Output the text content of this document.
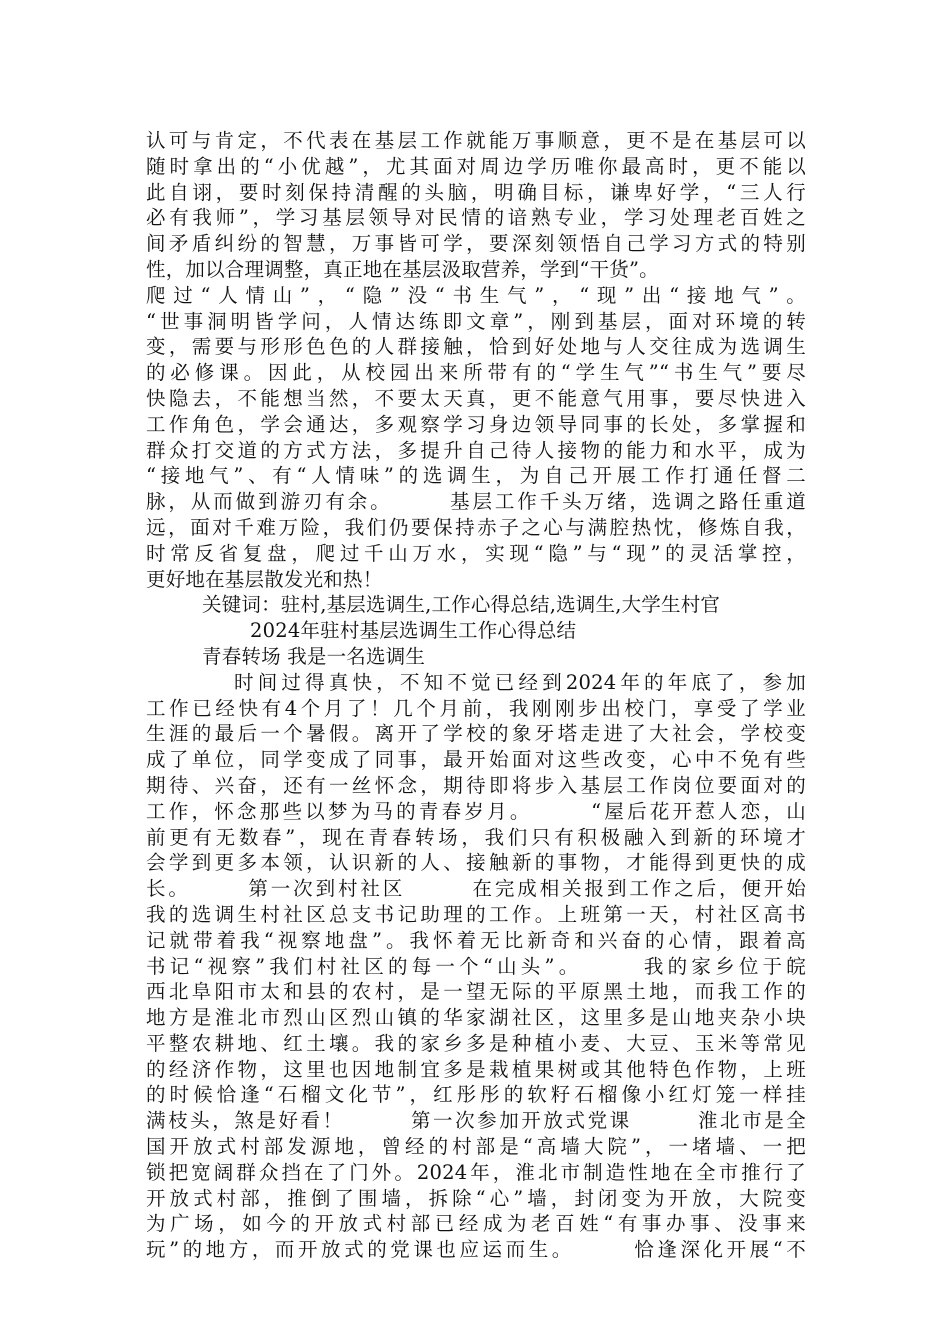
认可与肯定，不代表在基层工作就能万事顺意，更不是在基层可以
随时拿出的“小优越”，尤其面对周边学历唯你最高时，更不能以
此自诩，要时刻保持清醒的头脑，明确目标，谦卑好学，“三人行
必有我师”，学习基层领导对民情的谙熟专业，学习处理老百姓之
间矛盾纠纷的智慧，万事皆可学，要深刻领悟自己学习方式的特别
性，加以合理调整，真正地在基层汲取营养，学到“干货”。
爬过“人情山”，“隐”没“书生气”，“现”出“接地气”。
“世事洞明皆学问，人情达练即文章”，刚到基层，面对环境的转
变，需要与形形色色的人群接触，恰到好处地与人交往成为选调生
的必修课。因此，从校园出来所带有的“学生气”“书生气”要尽
快隐去，不能想当然，不要太天真，更不能意气用事，要尽快进入
工作角色，学会通达，多观察学习身边领导同事的长处，多掌握和
群众打交道的方式方法，多提升自己待人接物的能力和水平，成为
“接地气”、有“人情味”的选调生，为自己开展工作打通任督二
脉，从而做到游刃有余。　　　基层工作千头万绪，选调之路任重道
远，面对千难万险，我们仍要保持赤子之心与满腔热忱，修炼自我，
时常反省复盘，爬过千山万水，实现“隐”与“现”的灵活掌控，
更好地在基层散发光和热！
关键词：驻村,基层选调生,工作心得总结,选调生,大学生村官
2024年驻村基层选调生工作心得总结
青春转场 我是一名选调生
时间过得真快，不知不觉已经到2024年的年底了，参加
工作已经快有4个月了！几个月前，我刚刚步出校门，享受了学业
生涯的最后一个暑假。离开了学校的象牙塔走进了大社会，学校变
成了单位，同学变成了同事，最开始面对这些改变，心中不免有些
期待、兴奋，还有一丝怀念，期待即将步入基层工作岗位要面对的
工作，怀念那些以梦为马的青春岁月。　　　“屋后花开惹人恋，山
前更有无数春”，现在青春转场，我们只有积极融入到新的环境才
会学到更多本领，认识新的人、接触新的事物，才能得到更快的成
长。　　　第一次到村社区　　　在完成相关报到工作之后，便开始
我的选调生村社区总支书记助理的工作。上班第一天，村社区高书
记就带着我“视察地盘”。我怀着无比新奇和兴奋的心情，跟着高
书记“视察”我们村社区的每一个“山头”。　　　我的家乡位于皖
西北阜阳市太和县的农村，是一望无际的平原黑土地，而我工作的
地方是淮北市烈山区烈山镇的华家湖社区，这里多是山地夹杂小块
平整农耕地、红土壤。我的家乡多是种植小麦、大豆、玉米等常见
的经济作物，这里也因地制宜多是栽植果树或其他特色作物，上班
的时候恰逢“石榴文化节”，红彤彤的软籽石榴像小红灯笼一样挂
满枝头，煞是好看！　　　第一次参加开放式党课　　　淮北市是全
国开放式村部发源地，曾经的村部是“高墙大院”，一堵墙、一把
锁把宽阔群众挡在了门外。2024年，淮北市制造性地在全市推行了
开放式村部，推倒了围墙，拆除“心”墙，封闭变为开放，大院变
为广场，如今的开放式村部已经成为老百姓“有事办事、没事来
玩”的地方，而开放式的党课也应运而生。　　　恰逢深化开展“不
